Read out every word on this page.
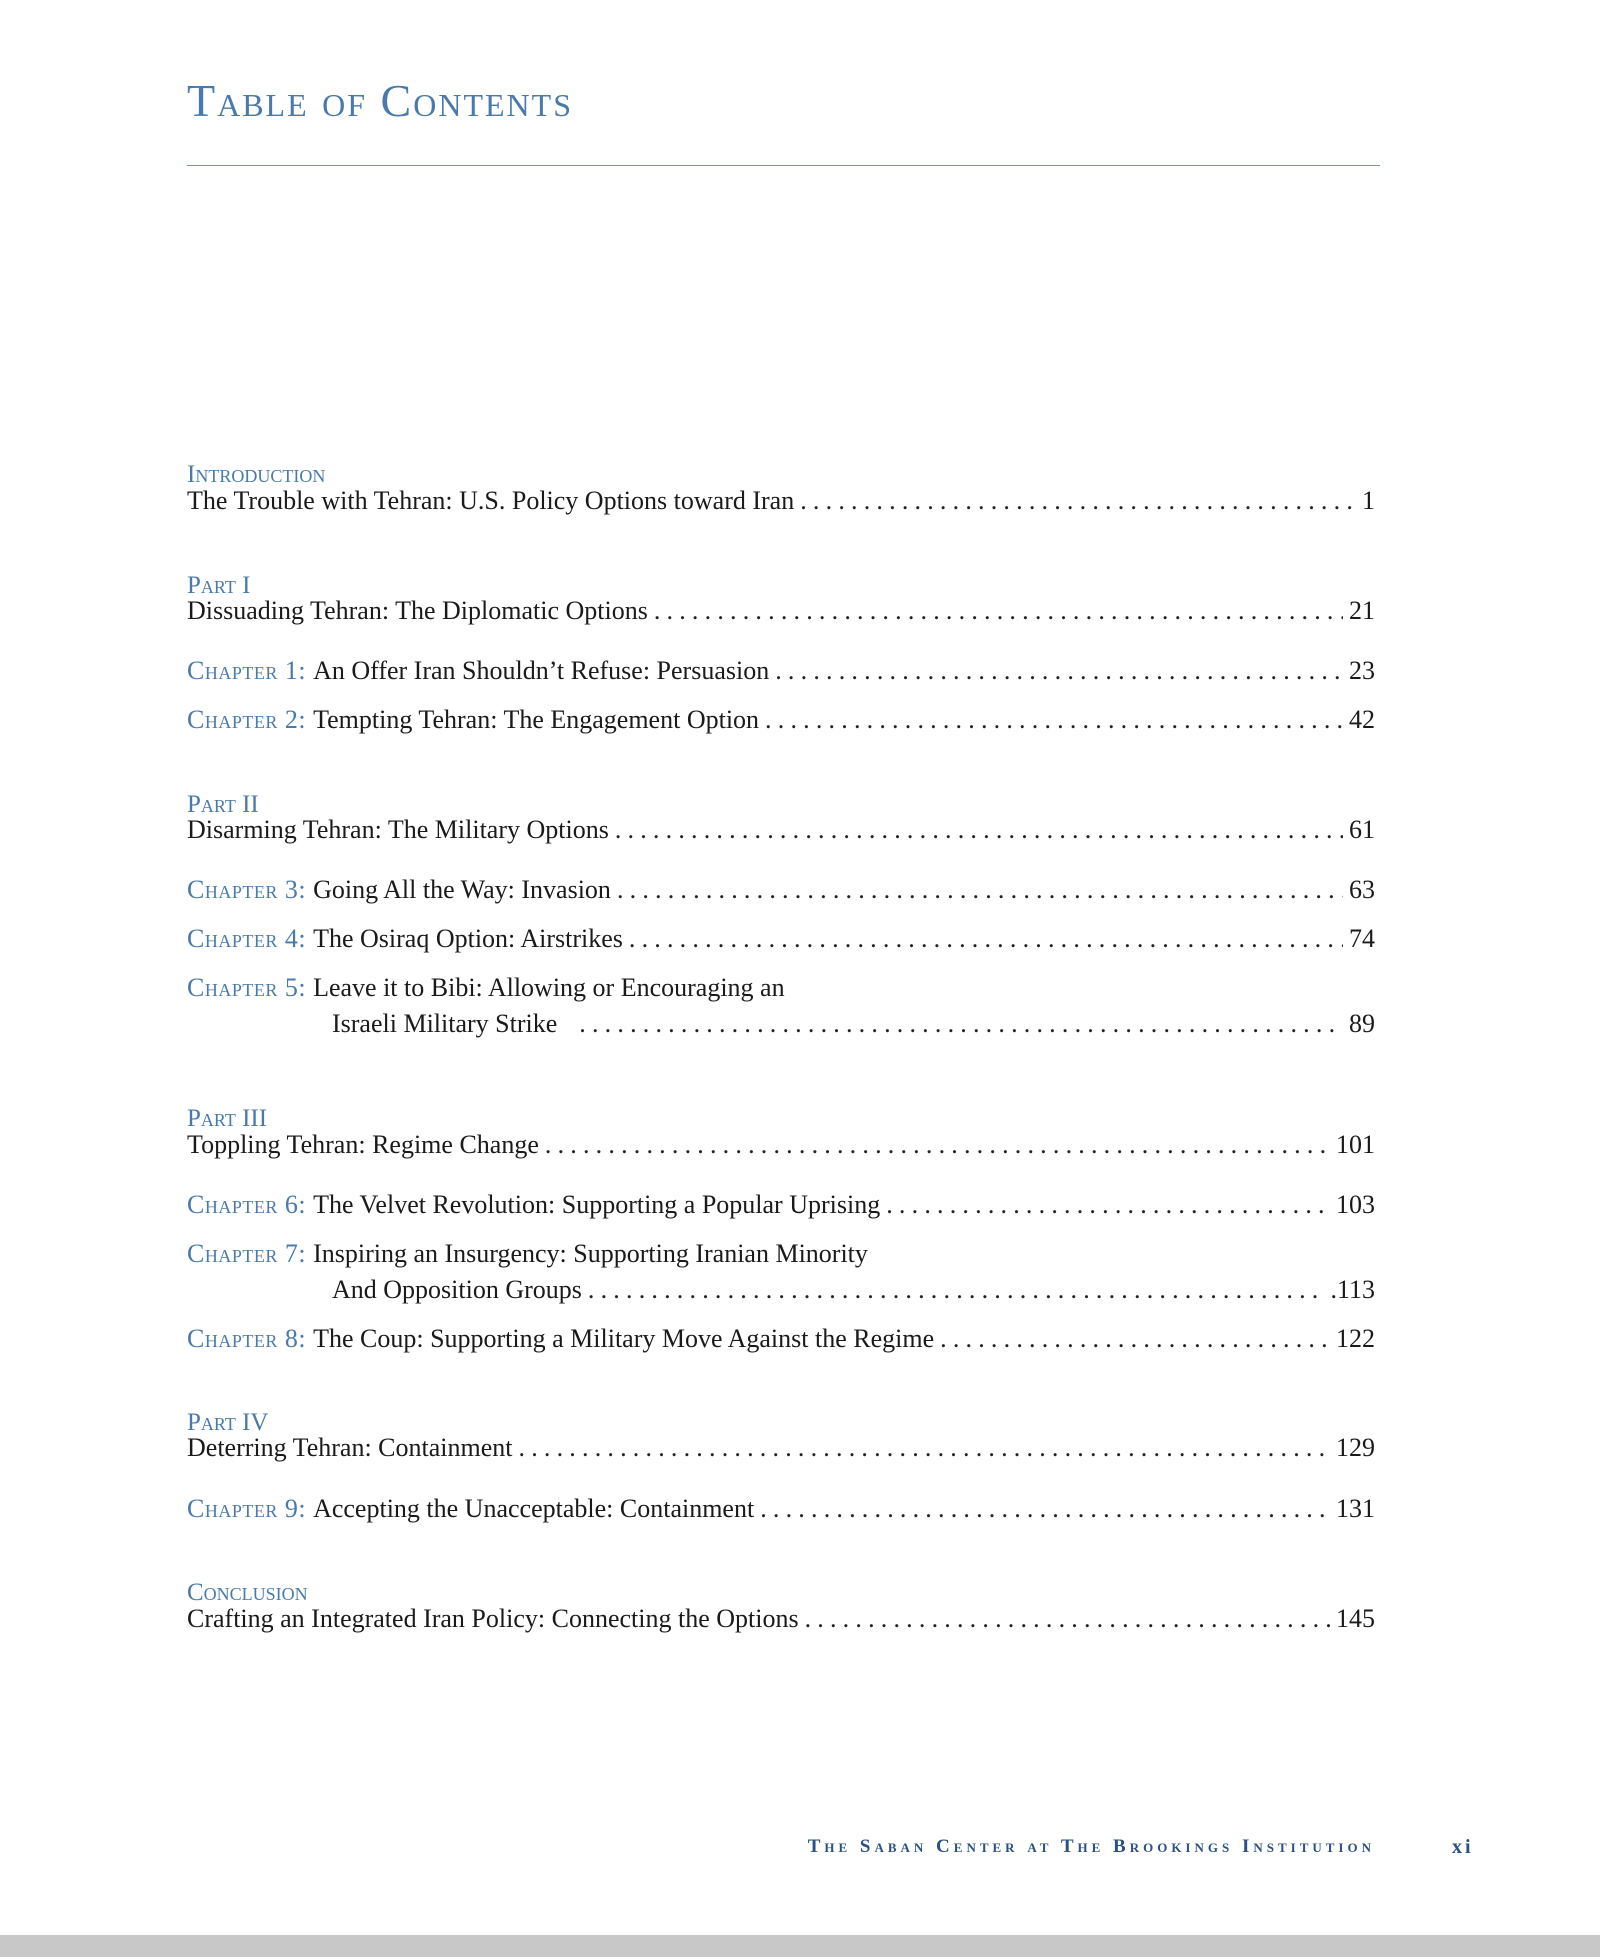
Table of Contents
Introduction
The Trouble with Tehran: U.S. Policy Options toward Iran .....	1
Part I
Dissuading Tehran: The Diplomatic Options .....	21
Chapter 1: An Offer Iran Shouldn’t Refuse: Persuasion .....	23
Chapter 2: Tempting Tehran: The Engagement Option .....	42
Part II
Disarming Tehran: The Military Options .....	61
Chapter 3: Going All the Way: Invasion .....	63
Chapter 4: The Osiraq Option: Airstrikes .....	74
Chapter 5: Leave it to Bibi: Allowing or Encouraging an
Israeli Military Strike .....	89
Part III
Toppling Tehran: Regime Change .....	101
Chapter 6: The Velvet Revolution: Supporting a Popular Uprising .....	103
Chapter 7: Inspiring an Insurgency: Supporting Iranian Minority
And Opposition Groups .....	.113
Chapter 8: The Coup: Supporting a Military Move Against the Regime .....	122
Part IV
Deterring Tehran: Containment .....	129
Chapter 9: Accepting the Unacceptable: Containment .....	131
Conclusion
Crafting an Integrated Iran Policy: Connecting the Options .....	145
The Saban Center at The Brookings Institution	xi
